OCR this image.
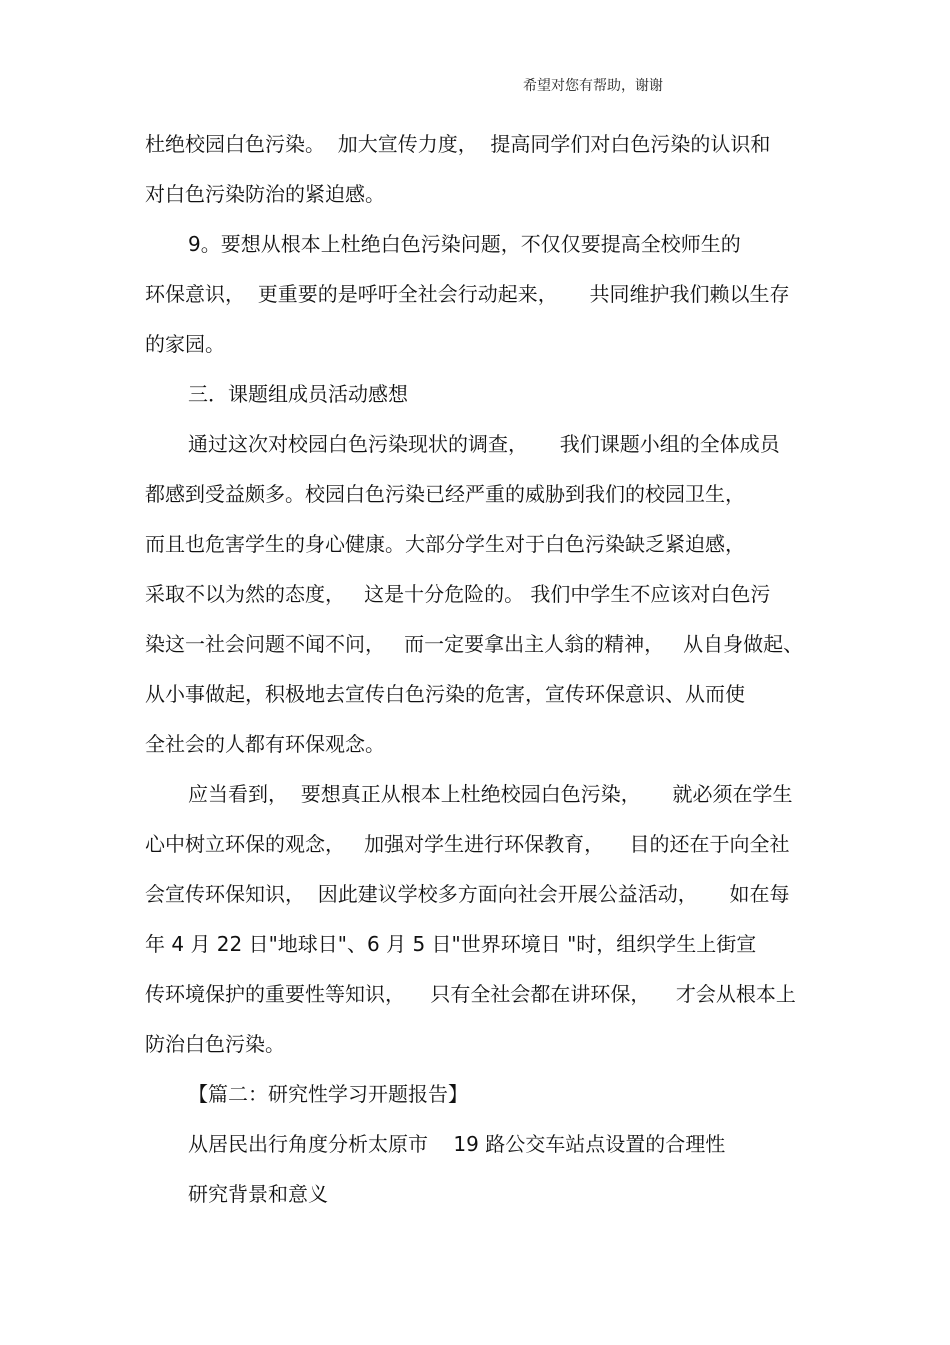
希望对您有帮助，谢谢
杜绝校园白色污染。  加大宣传力度，  提高同学们对白色污染的认识和
对白色污染防治的紧迫感。
9。要想从根本上杜绝白色污染问题，不仅仅要提高全校师生的
环保意识，  更重要的是呼吁全社会行动起来，     共同维护我们赖以生存
的家园。
三．课题组成员活动感想
通过这次对校园白色污染现状的调查，     我们课题小组的全体成员
都感到受益颇多。校园白色污染已经严重的威胁到我们的校园卫生，
而且也危害学生的身心健康。大部分学生对于白色污染缺乏紧迫感，
采取不以为然的态度，   这是十分危险的。 我们中学生不应该对白色污
染这一社会问题不闻不问，   而一定要拿出主人翁的精神，   从自身做起、
从小事做起，积极地去宣传白色污染的危害，宣传环保意识、从而使
全社会的人都有环保观念。
应当看到，  要想真正从根本上杜绝校园白色污染，     就必须在学生
心中树立环保的观念，   加强对学生进行环保教育，    目的还在于向全社
会宣传环保知识，  因此建议学校多方面向社会开展公益活动，     如在每
年 4 月 22 日"地球日"、6 月 5 日"世界环境日 "时，组织学生上街宣
传环境保护的重要性等知识，    只有全社会都在讲环保，    才会从根本上
防治白色污染。
【篇二：研究性学习开题报告】
从居民出行角度分析太原市    19 路公交车站点设置的合理性
研究背景和意义
